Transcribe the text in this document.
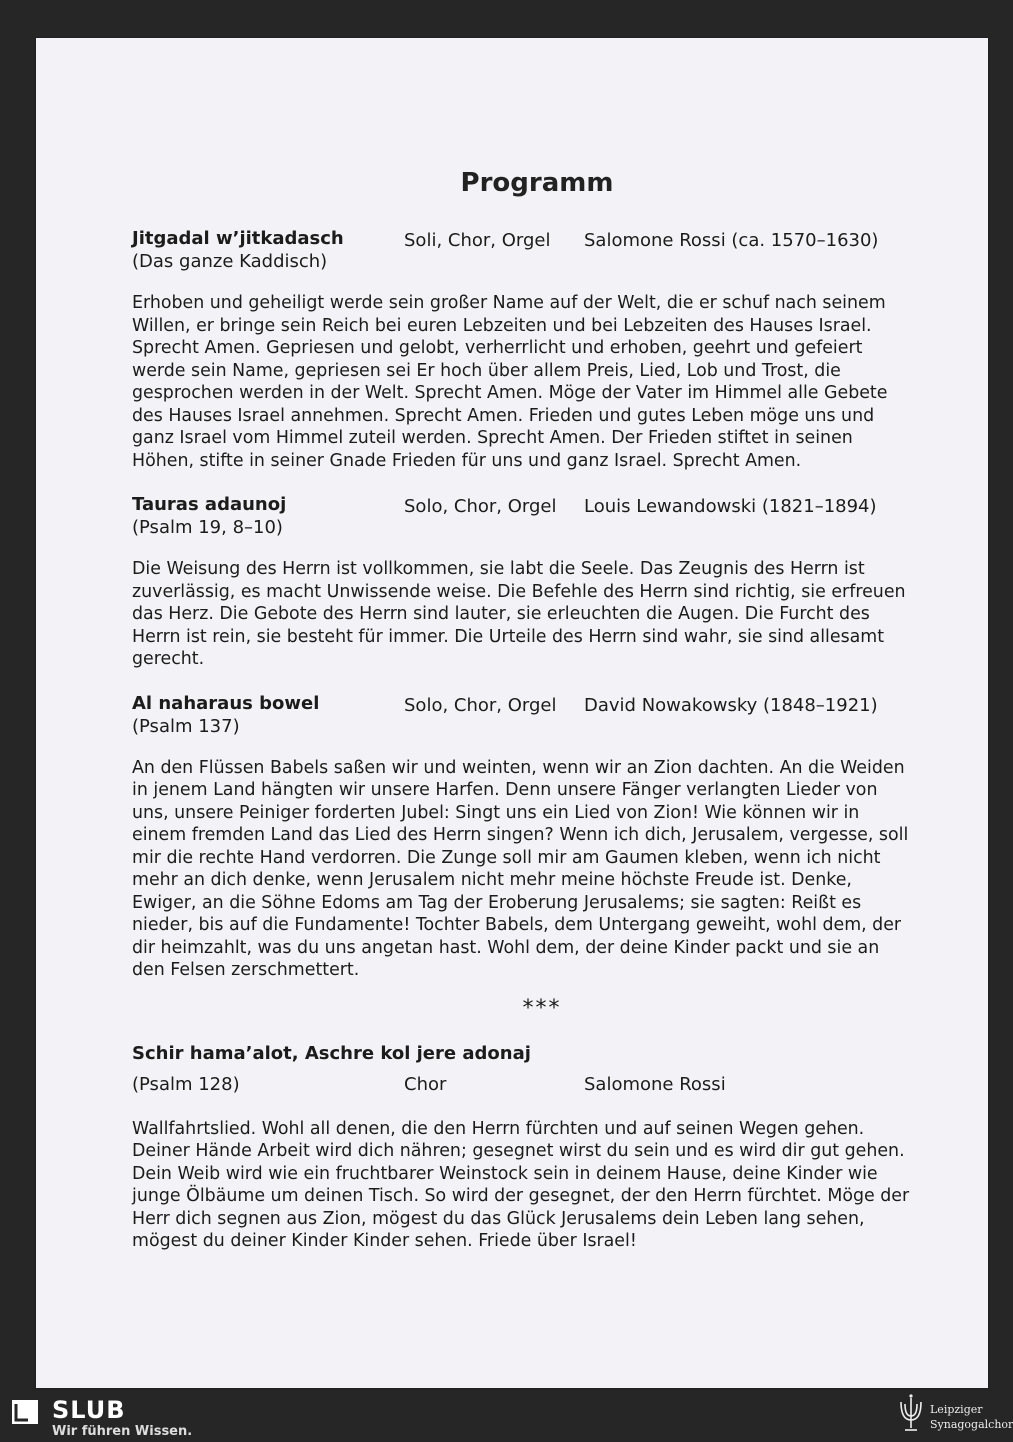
Programm
Jitgadal w’jitkadasch
(Das ganze Kaddisch)
Soli, Chor, Orgel Salomone Rossi (ca. 1570–1630)

Erhoben und geheiligt werde sein großer Name auf der Welt, die er schuf nach seinem Willen, er bringe sein Reich bei euren Lebzeiten und bei Lebzeiten des Hauses Israel. Sprecht Amen. Gepriesen und gelobt, verherrlicht und erhoben, geehrt und gefeiert werde sein Name, gepriesen sei Er hoch über allem Preis, Lied, Lob und Trost, die gesprochen werden in der Welt. Sprecht Amen. Möge der Vater im Himmel alle Gebete des Hauses Israel annehmen. Sprecht Amen. Frieden und gutes Leben möge uns und ganz Israel vom Himmel zuteil werden. Sprecht Amen. Der Frieden stiftet in seinen Höhen, stifte in seiner Gnade Frieden für uns und ganz Israel. Sprecht Amen.

Tauras adaunoj
(Psalm 19, 8–10)
Solo, Chor, Orgel Louis Lewandowski (1821–1894)

Die Weisung des Herrn ist vollkommen, sie labt die Seele. Das Zeugnis des Herrn ist zuverlässig, es macht Unwissende weise. Die Befehle des Herrn sind richtig, sie erfreuen das Herz. Die Gebote des Herrn sind lauter, sie erleuchten die Augen. Die Furcht des Herrn ist rein, sie besteht für immer. Die Urteile des Herrn sind wahr, sie sind allesamt gerecht.

Al naharaus bowel
(Psalm 137)
Solo, Chor, Orgel David Nowakowsky (1848–1921)

An den Flüssen Babels saßen wir und weinten, wenn wir an Zion dachten. An die Weiden in jenem Land hängten wir unsere Harfen. Denn unsere Fänger verlangten Lieder von uns, unsere Peiniger forderten Jubel: Singt uns ein Lied von Zion! Wie können wir in einem fremden Land das Lied des Herrn singen? Wenn ich dich, Jerusalem, vergesse, soll mir die rechte Hand verdorren. Die Zunge soll mir am Gaumen kleben, wenn ich nicht mehr an dich denke, wenn Jerusalem nicht mehr meine höchste Freude ist. Denke, Ewiger, an die Söhne Edoms am Tag der Eroberung Jerusalems; sie sagten: Reißt es nieder, bis auf die Fundamente! Tochter Babels, dem Untergang geweiht, wohl dem, der dir heimzahlt, was du uns angetan hast. Wohl dem, der deine Kinder packt und sie an den Felsen zerschmettert.

***
Schir hama’alot, Aschre kol jere adonaj
(Psalm 128)	Chor	Salomone Rossi

Wallfahrtslied. Wohl all denen, die den Herrn fürchten und auf seinen Wegen gehen. Deiner Hände Arbeit wird dich nähren; gesegnet wirst du sein und es wird dir gut gehen. Dein Weib wird wie ein fruchtbarer Weinstock sein in deinem Hause, deine Kinder wie junge Ölbäume um deinen Tisch. So wird der gesegnet, der den Herrn fürchtet. Möge der Herr dich segnen aus Zion, mögest du das Glück Jerusalems dein Leben lang sehen, mögest du deiner Kinder Kinder sehen. Friede über Israel!

SLUB
Wir führen Wissen.
Leipziger
Synagogalchor
